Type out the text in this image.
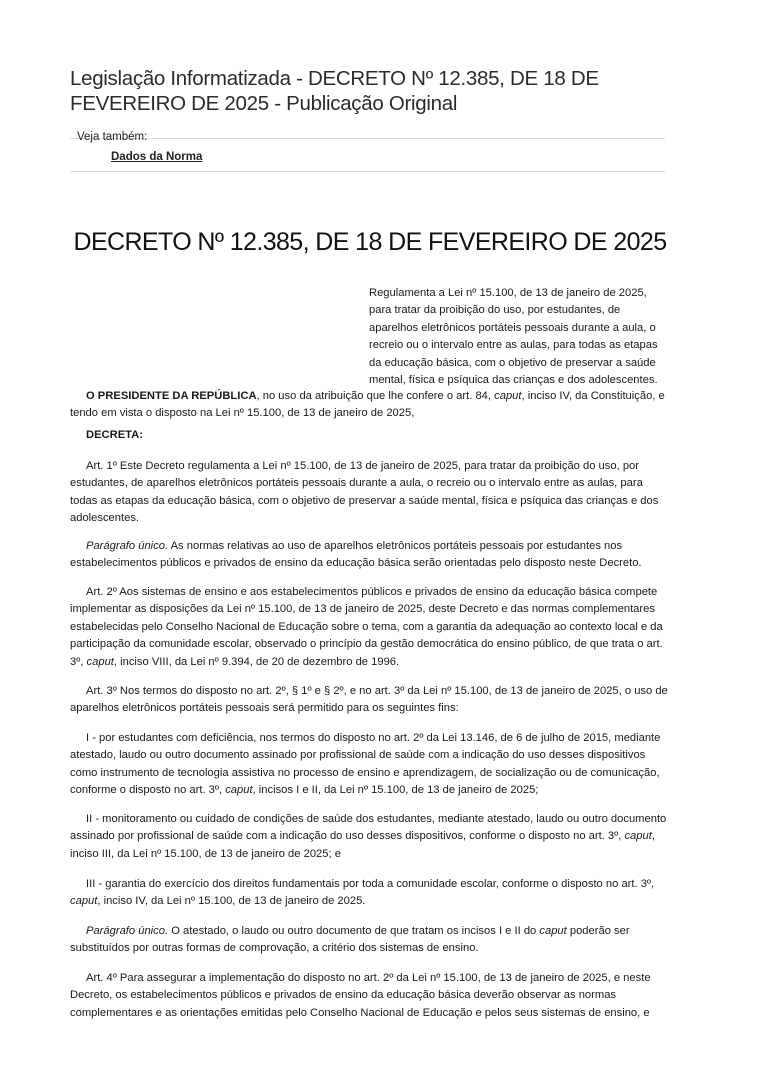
Legislação Informatizada - DECRETO Nº 12.385, DE 18 DE FEVEREIRO DE 2025 - Publicação Original
Veja também:
Dados da Norma
DECRETO Nº 12.385, DE 18 DE FEVEREIRO DE 2025
Regulamenta a Lei nº 15.100, de 13 de janeiro de 2025, para tratar da proibição do uso, por estudantes, de aparelhos eletrônicos portáteis pessoais durante a aula, o recreio ou o intervalo entre as aulas, para todas as etapas da educação básica, com o objetivo de preservar a saúde mental, física e psíquica das crianças e dos adolescentes.

O PRESIDENTE DA REPÚBLICA, no uso da atribuição que lhe confere o art. 84, caput, inciso IV, da Constituição, e tendo em vista o disposto na Lei nº 15.100, de 13 de janeiro de 2025,

DECRETA:

Art. 1º Este Decreto regulamenta a Lei nº 15.100, de 13 de janeiro de 2025, para tratar da proibição do uso, por estudantes, de aparelhos eletrônicos portáteis pessoais durante a aula, o recreio ou o intervalo entre as aulas, para todas as etapas da educação básica, com o objetivo de preservar a saúde mental, física e psíquica das crianças e dos adolescentes.

Parágrafo único. As normas relativas ao uso de aparelhos eletrônicos portáteis pessoais por estudantes nos estabelecimentos públicos e privados de ensino da educação básica serão orientadas pelo disposto neste Decreto.

Art. 2º Aos sistemas de ensino e aos estabelecimentos públicos e privados de ensino da educação básica compete implementar as disposições da Lei nº 15.100, de 13 de janeiro de 2025, deste Decreto e das normas complementares estabelecidas pelo Conselho Nacional de Educação sobre o tema, com a garantia da adequação ao contexto local e da participação da comunidade escolar, observado o princípio da gestão democrática do ensino público, de que trata o art. 3º, caput, inciso VIII, da Lei nº 9.394, de 20 de dezembro de 1996.

Art. 3º Nos termos do disposto no art. 2º, § 1º e § 2º, e no art. 3º da Lei nº 15.100, de 13 de janeiro de 2025, o uso de aparelhos eletrônicos portáteis pessoais será permitido para os seguintes fins:

I - por estudantes com deficiência, nos termos do disposto no art. 2º da Lei 13.146, de 6 de julho de 2015, mediante atestado, laudo ou outro documento assinado por profissional de saúde com a indicação do uso desses dispositivos como instrumento de tecnologia assistiva no processo de ensino e aprendizagem, de socialização ou de comunicação, conforme o disposto no art. 3º, caput, incisos I e II, da Lei nº 15.100, de 13 de janeiro de 2025;

II - monitoramento ou cuidado de condições de saúde dos estudantes, mediante atestado, laudo ou outro documento assinado por profissional de saúde com a indicação do uso desses dispositivos, conforme o disposto no art. 3º, caput, inciso III, da Lei nº 15.100, de 13 de janeiro de 2025; e

III - garantia do exercício dos direitos fundamentais por toda a comunidade escolar, conforme o disposto no art. 3º, caput, inciso IV, da Lei nº 15.100, de 13 de janeiro de 2025.

Parágrafo único. O atestado, o laudo ou outro documento de que tratam os incisos I e II do caput poderão ser substituídos por outras formas de comprovação, a critério dos sistemas de ensino.

Art. 4º Para assegurar a implementação do disposto no art. 2º da Lei nº 15.100, de 13 de janeiro de 2025, e neste Decreto, os estabelecimentos públicos e privados de ensino da educação básica deverão observar as normas complementares e as orientações emitidas pelo Conselho Nacional de Educação e pelos seus sistemas de ensino, e
